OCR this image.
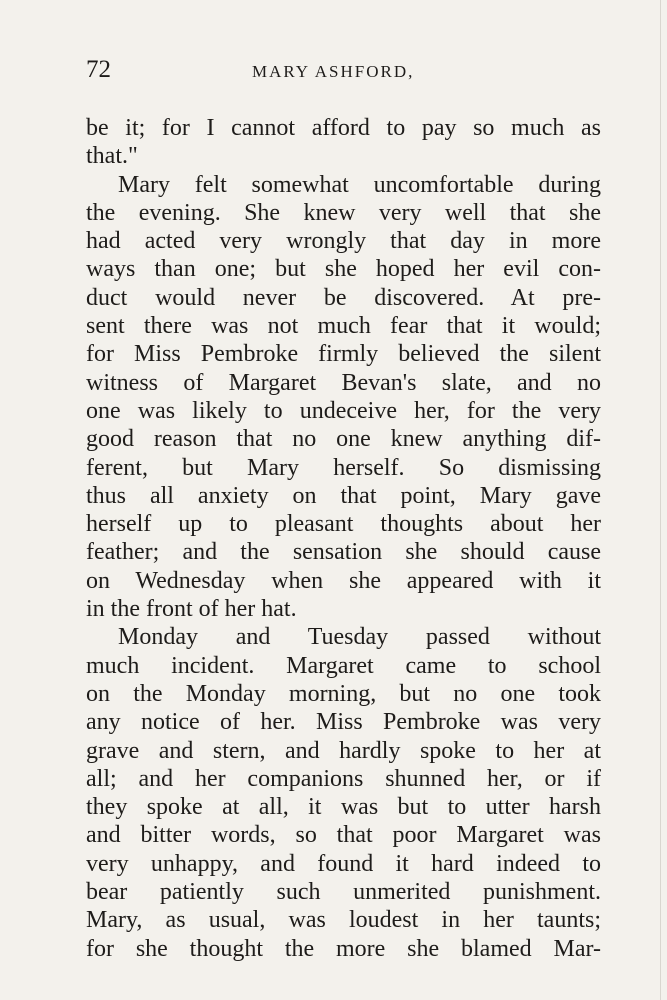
72	MARY ASHFORD,
be it; for I cannot afford to pay so much as
that."
Mary felt somewhat uncomfortable during
the evening. She knew very well that she
had acted very wrongly that day in more
ways than one; but she hoped her evil con-
duct would never be discovered. At pre-
sent there was not much fear that it would;
for Miss Pembroke firmly believed the silent
witness of Margaret Bevan's slate, and no
one was likely to undeceive her, for the very
good reason that no one knew anything dif-
ferent, but Mary herself. So dismissing
thus all anxiety on that point, Mary gave
herself up to pleasant thoughts about her
feather; and the sensation she should cause
on Wednesday when she appeared with it
in the front of her hat.
Monday and Tuesday passed without
much incident. Margaret came to school
on the Monday morning, but no one took
any notice of her. Miss Pembroke was very
grave and stern, and hardly spoke to her at
all; and her companions shunned her, or if
they spoke at all, it was but to utter harsh
and bitter words, so that poor Margaret was
very unhappy, and found it hard indeed to
bear patiently such unmerited punishment.
Mary, as usual, was loudest in her taunts;
for she thought the more she blamed Mar-
